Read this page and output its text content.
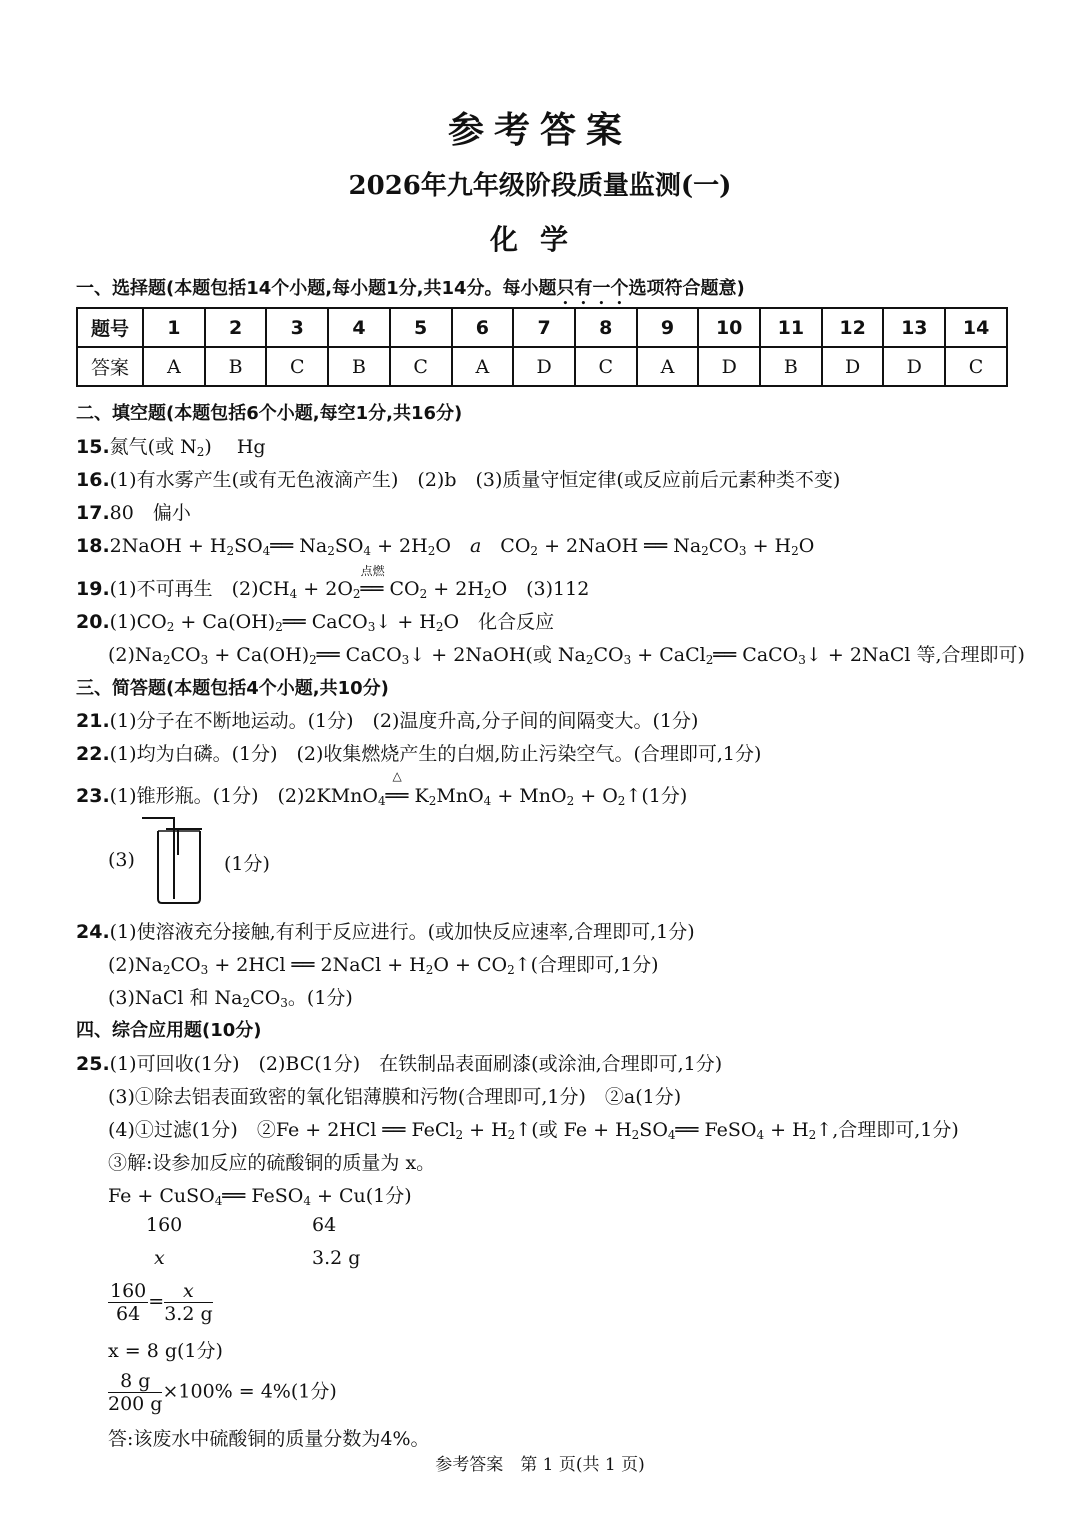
参考答案
2026年九年级阶段质量监测(一)
化学
一、选择题(本题包括14个小题,每小题1分,共14分。每小题只有一个选项符合题意)
题号	1	2	3	4	5	6	7	8	9	10	11	12	13	14
答案	A	B	C	B	C	A	D	C	A	D	B	D	D	C
二、填空题(本题包括6个小题,每空1分,共16分)
15.氮气(或 $N_2$)　 Hg
16.(1)有水雾产生(或有无色液滴产生)　(2)b　(3)质量守恒定律(或反应前后元素种类不变)
17.80　偏小
18.2NaOH + $H_2SO_4══$ $Na_2SO_4 + 2H_2O$　a　$CO_2$ + 2NaOH ══ $Na_2CO_3 + H_2O$
19.(1)不可再生　$(2)CH_4 + 2O_2$
点燃
══ $CO_2 + 2H_2O$　(3)112
$20.(1)CO_2$ + $Ca(OH)_2══$ CaCO$_3$↓ + $H_2O$　化合反应
$(2)Na_2CO_3$ + $Ca(OH)_2══$ CaCO$_3$↓ + 2NaOH(或 $Na_2CO_3$ + CaCl$_2$══ CaCO$_3$↓ + 2NaCl 等,合理即可)
三、简答题(本题包括4个小题,共10分)
21.(1)分子在不断地运动。(1分)　(2)温度升高,分子间的间隔变大。(1分)
22.(1)均为白磷。(1分)　(2)收集燃烧产生的白烟,防止污染空气。(合理即可,1分)
23.(1)锥形瓶。(1分)　(2)2KMnO$_4$
△
══ $K_2MnO_4 + MnO_2$ + $O_2↑(1$分)
(3)	(1分)
24.(1)使溶液充分接触,有利于反应进行。(或加快反应速率,合理即可,1分)
$(2)Na_2CO_3 + 2HCl$ ══ 2NaCl + $H_2O$ + $CO_2↑$(合理即可,1分)
(3)NaCl 和 $Na_2CO_3$。(1分)
四、综合应用题(10分)
25.(1)可回收(1分)　(2)BC(1分)　在铁制品表面刷漆(或涂油,合理即可,1分)
(3)①除去铝表面致密的氧化铝薄膜和污物(合理即可,1分)　②a(1分)
(4)①过滤(1分)　②Fe + 2HCl ══ FeCl$_2$ + $H_2↑$(或 $Fe + H_2SO_4══$ FeSO$_4$ + $H_2↑$,合理即可,1分)
③解:设参加反应的硫酸铜的质量为 x。
Fe + CuSO$_4$══ FeSO$_4$ + Cu(1分)
160	64
x	3.2 g
$\frac{160}{64} = \frac{x}{3.2 g}$
x = 8 g(1分)
$\frac{8 g}{200 g} \times 100\% = 4\%(1$分)
答:该废水中硫酸铜的质量分数为4%。
参考答案　第 1 页(共 1 页)
